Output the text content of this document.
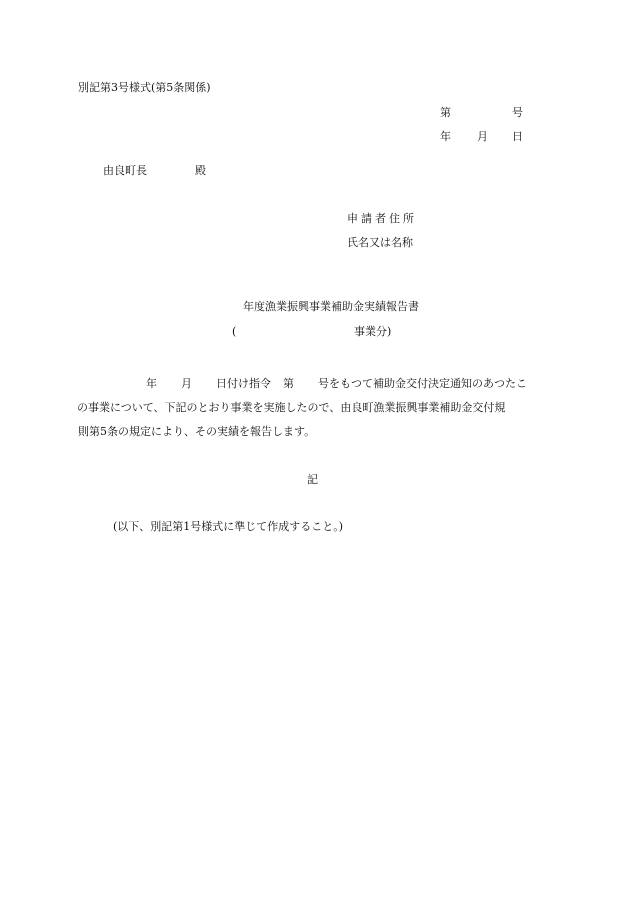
別記第3号様式(第5条関係)
第	号
年 月 日
由良町長	殿
申請者住所
氏名又は名称
年度漁業振興事業補助金実績報告書
(	事業分)
年 月 日付け指令 第 号をもつて補助金交付決定通知のあつたこ
の事業について、下記のとおり事業を実施したので、由良町漁業振興事業補助金交付規
則第5条の規定により、その実績を報告します。
記
(以下、別記第1号様式に準じて作成すること。)
